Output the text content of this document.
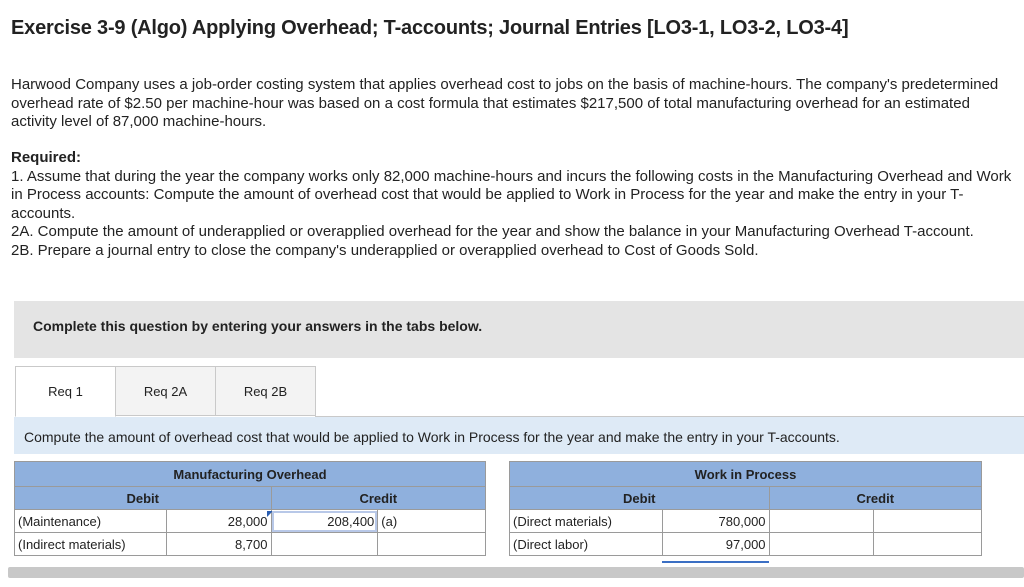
Exercise 3-9 (Algo) Applying Overhead; T-accounts; Journal Entries [LO3-1, LO3-2, LO3-4]
Harwood Company uses a job-order costing system that applies overhead cost to jobs on the basis of machine-hours. The company's predetermined overhead rate of $2.50 per machine-hour was based on a cost formula that estimates $217,500 of total manufacturing overhead for an estimated activity level of 87,000 machine-hours.
Required:
1. Assume that during the year the company works only 82,000 machine-hours and incurs the following costs in the Manufacturing Overhead and Work in Process accounts: Compute the amount of overhead cost that would be applied to Work in Process for the year and make the entry in your T-accounts.
2A. Compute the amount of underapplied or overapplied overhead for the year and show the balance in your Manufacturing Overhead T-account.
2B. Prepare a journal entry to close the company's underapplied or overapplied overhead to Cost of Goods Sold.
Complete this question by entering your answers in the tabs below.
Req 1	Req 2A	Req 2B
Compute the amount of overhead cost that would be applied to Work in Process for the year and make the entry in your T-accounts.
Manufacturing Overhead			
Debit		Credit	
(Maintenance)	28,000	208,400	(a)
(Indirect materials)	8,700		
Work in Process			
Debit		Credit	
(Direct materials)	780,000		
(Direct labor)	97,000		
